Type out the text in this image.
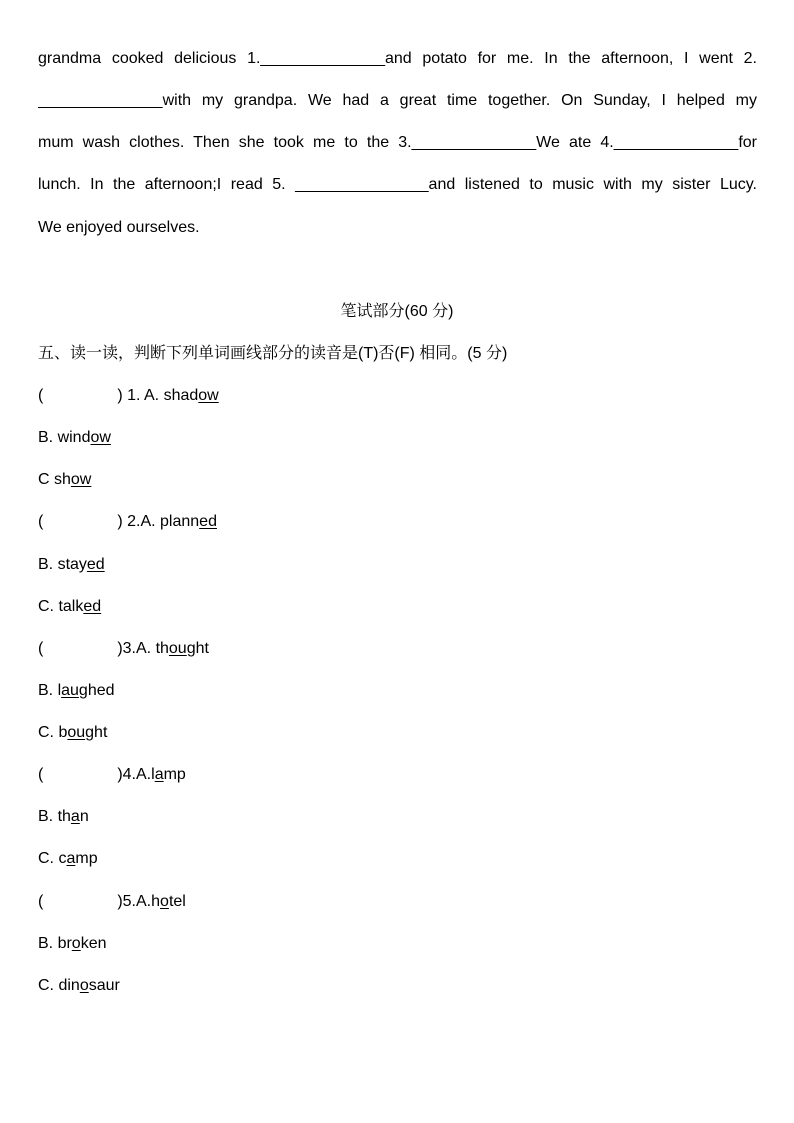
grandma cooked delicious 1.______________and potato for me. In the afternoon, I went 2.
______________with my grandpa. We had a great time together. On Sunday, I helped my
mum wash clothes. Then she took me to the 3.______________We ate 4.______________for
lunch. In the afternoon;I read 5. _______________and listened to music with my sister Lucy.
We enjoyed ourselves.
笔试部分(60 分)
五、读一读，判断下列单词画线部分的读音是(T)否(F) 相同。(5 分)
(	) 1. A. shadow
B. window
C show
(	) 2.A. planned
B. stayed
C. talked
(	)3.A. thought
B. laughed
C. bought
(	)4.A.lamp
B. than
C. camp
(	)5.A.hotel
B. broken
C. dinosaur
